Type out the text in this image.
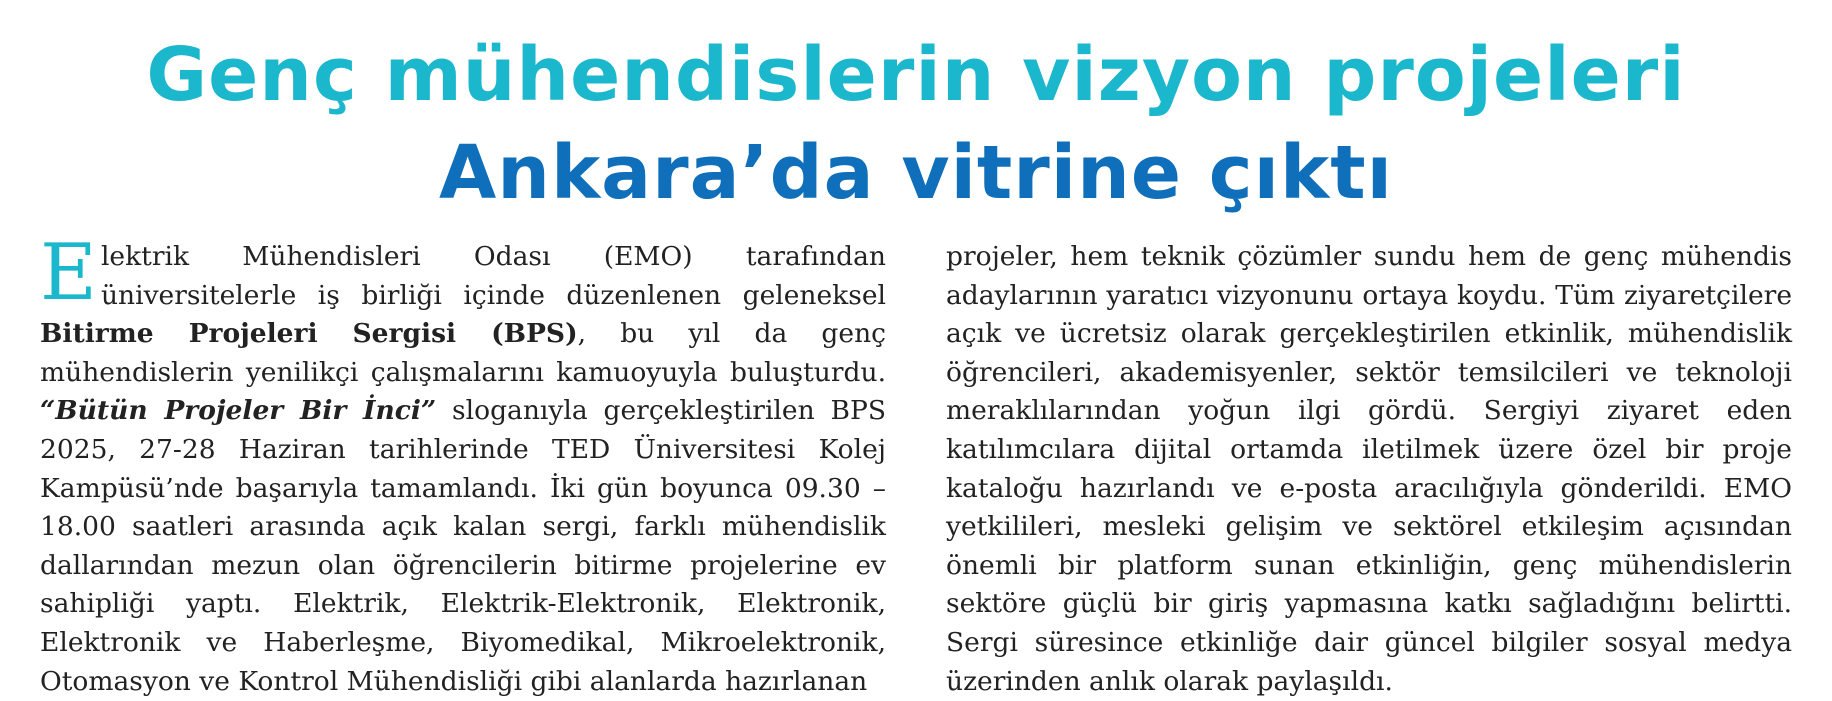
Genç mühendislerin vizyon projeleri
Ankara’da vitrine çıktı

Elektrik Mühendisleri Odası (EMO) tarafından üniversitelerle iş birliği içinde düzenlenen geleneksel Bitirme Projeleri Sergisi (BPS), bu yıl da genç mühendislerin yenilikçi çalışmalarını kamuoyuyla buluşturdu. “Bütün Projeler Bir İnci” sloganıyla gerçekleştirilen BPS 2025, 27-28 Haziran tarihlerinde TED Üniversitesi Kolej Kampüsü’nde başarıyla tamamlandı. İki gün boyunca 09.30 – 18.00 saatleri arasında açık kalan sergi, farklı mühendislik dallarından mezun olan öğrencilerin bitirme projelerine ev sahipliği yaptı. Elektrik, Elektrik-Elektronik, Elektronik, Elektronik ve Haberleşme, Biyomedikal, Mikroelektronik, Otomasyon ve Kontrol Mühendisliği gibi alanlarda hazırlanan

projeler, hem teknik çözümler sundu hem de genç mühendis adaylarının yaratıcı vizyonunu ortaya koydu. Tüm ziyaretçilere açık ve ücretsiz olarak gerçekleştirilen etkinlik, mühendislik öğrencileri, akademisyenler, sektör temsilcileri ve teknoloji meraklılarından yoğun ilgi gördü. Sergiyi ziyaret eden katılımcılara dijital ortamda iletilmek üzere özel bir proje kataloğu hazırlandı ve e-posta aracılığıyla gönderildi. EMO yetkilileri, mesleki gelişim ve sektörel etkileşim açısından önemli bir platform sunan etkinliğin, genç mühendislerin sektöre güçlü bir giriş yapmasına katkı sağladığını belirtti. Sergi süresince etkinliğe dair güncel bilgiler sosyal medya üzerinden anlık olarak paylaşıldı.
